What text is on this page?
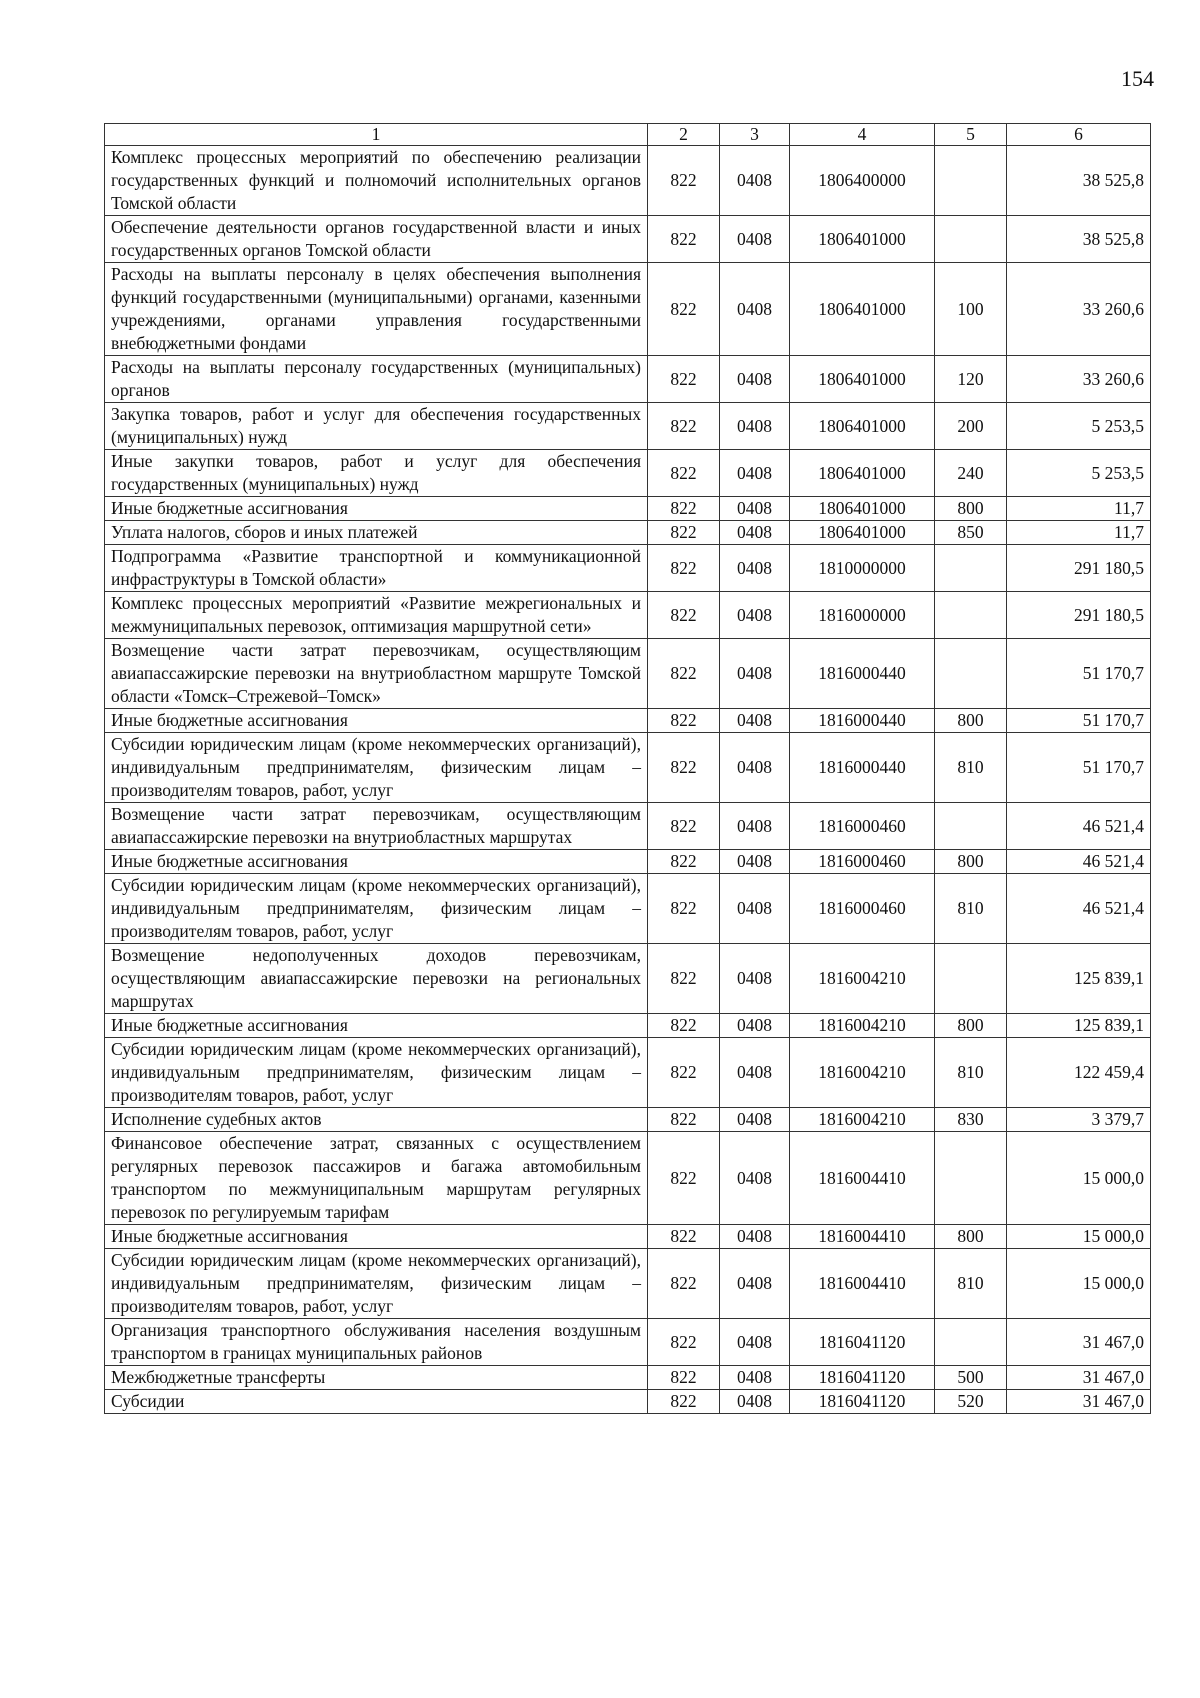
154
1	2	3	4	5	6
Комплекс процессных мероприятий по обеспечению реализации государственных функций и полномочий исполнительных органов Томской области	822	0408	1806400000		38 525,8
Обеспечение деятельности органов государственной власти и иных государственных органов Томской области	822	0408	1806401000		38 525,8
Расходы на выплаты персоналу в целях обеспечения выполнения функций государственными (муниципальными) органами, казенными учреждениями, органами управления государственными внебюджетными фондами	822	0408	1806401000	100	33 260,6
Расходы на выплаты персоналу государственных (муниципальных) органов	822	0408	1806401000	120	33 260,6
Закупка товаров, работ и услуг для обеспечения государственных (муниципальных) нужд	822	0408	1806401000	200	5 253,5
Иные закупки товаров, работ и услуг для обеспечения государственных (муниципальных) нужд	822	0408	1806401000	240	5 253,5
Иные бюджетные ассигнования	822	0408	1806401000	800	11,7
Уплата налогов, сборов и иных платежей	822	0408	1806401000	850	11,7
Подпрограмма «Развитие транспортной и коммуникационной инфраструктуры в Томской области»	822	0408	1810000000		291 180,5
Комплекс процессных мероприятий «Развитие межрегиональных и межмуниципальных перевозок, оптимизация маршрутной сети»	822	0408	1816000000		291 180,5
Возмещение части затрат перевозчикам, осуществляющим авиапассажирские перевозки на внутриобластном маршруте Томской области «Томск–Стрежевой–Томск»	822	0408	1816000440		51 170,7
Иные бюджетные ассигнования	822	0408	1816000440	800	51 170,7
Субсидии юридическим лицам (кроме некоммерческих организаций), индивидуальным предпринимателям, физическим лицам – производителям товаров, работ, услуг	822	0408	1816000440	810	51 170,7
Возмещение части затрат перевозчикам, осуществляющим авиапассажирские перевозки на внутриобластных маршрутах	822	0408	1816000460		46 521,4
Иные бюджетные ассигнования	822	0408	1816000460	800	46 521,4
Субсидии юридическим лицам (кроме некоммерческих организаций), индивидуальным предпринимателям, физическим лицам – производителям товаров, работ, услуг	822	0408	1816000460	810	46 521,4
Возмещение недополученных доходов перевозчикам, осуществляющим авиапассажирские перевозки на региональных маршрутах	822	0408	1816004210		125 839,1
Иные бюджетные ассигнования	822	0408	1816004210	800	125 839,1
Субсидии юридическим лицам (кроме некоммерческих организаций), индивидуальным предпринимателям, физическим лицам – производителям товаров, работ, услуг	822	0408	1816004210	810	122 459,4
Исполнение судебных актов	822	0408	1816004210	830	3 379,7
Финансовое обеспечение затрат, связанных с осуществлением регулярных перевозок пассажиров и багажа автомобильным транспортом по межмуниципальным маршрутам регулярных перевозок по регулируемым тарифам	822	0408	1816004410		15 000,0
Иные бюджетные ассигнования	822	0408	1816004410	800	15 000,0
Субсидии юридическим лицам (кроме некоммерческих организаций), индивидуальным предпринимателям, физическим лицам – производителям товаров, работ, услуг	822	0408	1816004410	810	15 000,0
Организация транспортного обслуживания населения воздушным транспортом в границах муниципальных районов	822	0408	1816041120		31 467,0
Межбюджетные трансферты	822	0408	1816041120	500	31 467,0
Субсидии	822	0408	1816041120	520	31 467,0
